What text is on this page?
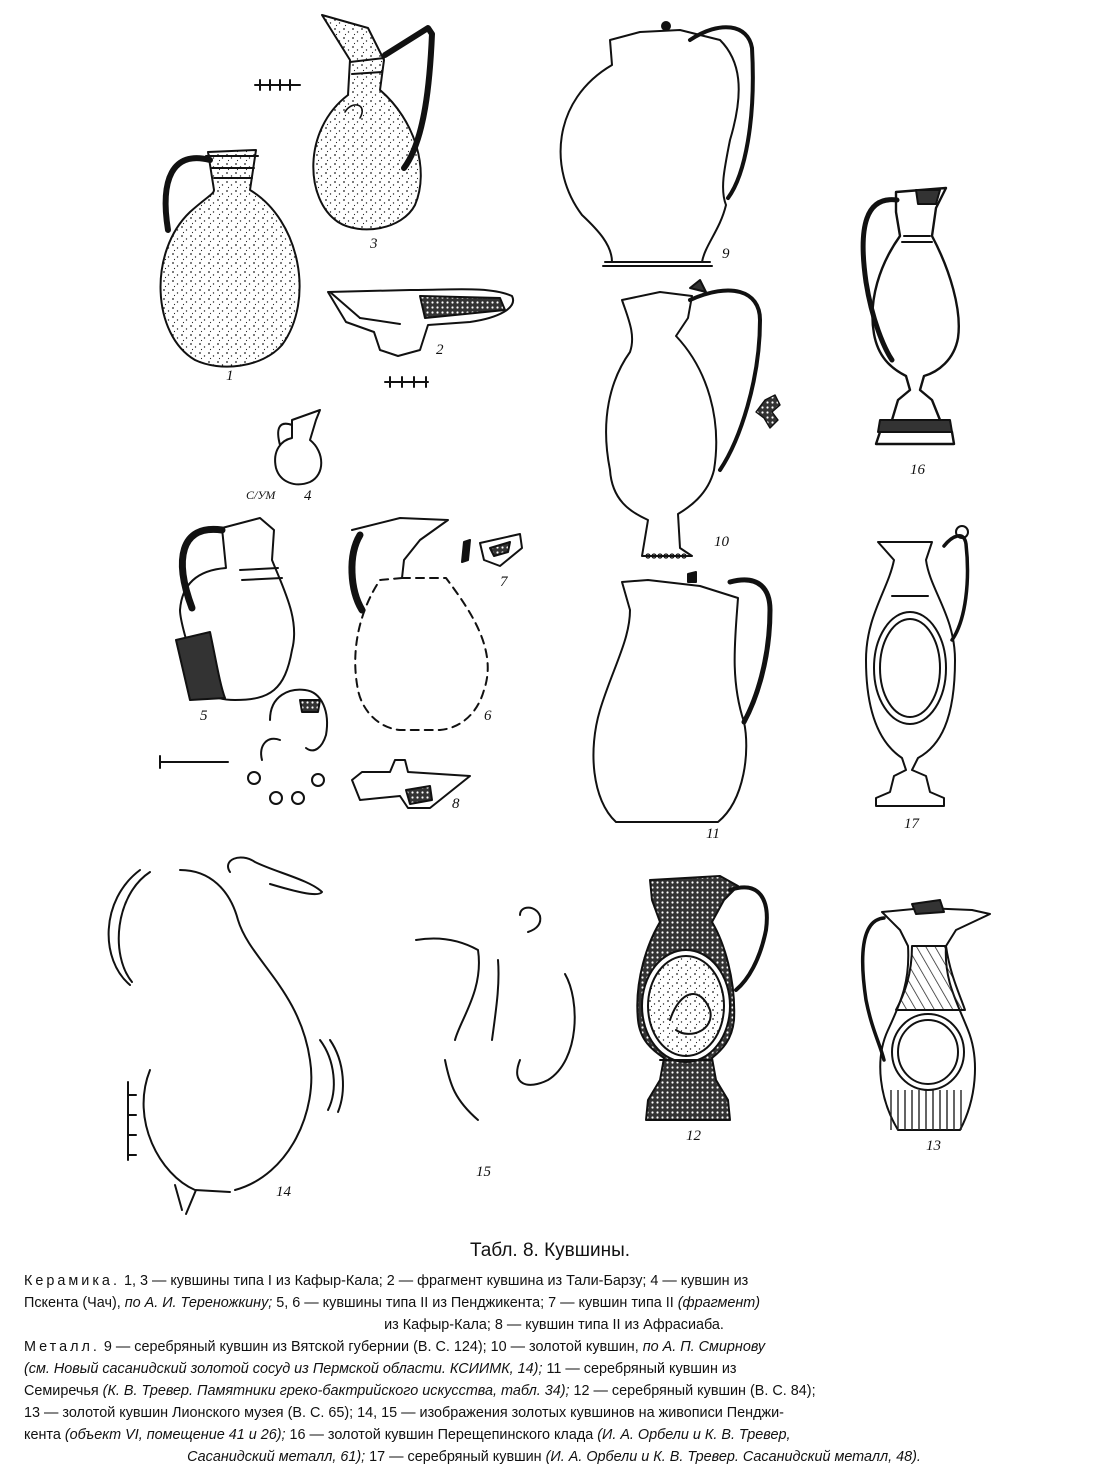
1
2
3
4
С/УМ
5	6
7
8
9
10
11
12
13
14
15
16
17
Табл. 8. Кувшины.

Керамика. 1, 3 — кувшины типа I из Кафыр-Кала; 2 — фрагмент кувшина из Тали-Барзу; 4 — кувшин из

Пскента (Чач), по А. И. Тереножкину; 5, 6 — кувшины типа II из Пенджикента; 7 — кувшин типа II (фрагмент)

из Кафыр-Кала; 8 — кувшин типа II из Афрасиаба.

Металл. 9 — серебряный кувшин из Вятской губернии (В. С. 124); 10 — золотой кувшин, по А. П. Смирнову

(см. Новый сасанидский золотой сосуд из Пермской области. КСИИМК, 14); 11 — серебряный кувшин из

Семиречья (К. В. Тревер. Памятники греко-бактрийского искусства, табл. 34); 12 — серебряный кувшин (В. С. 84);

13 — золотой кувшин Лионского музея (В. С. 65); 14, 15 — изображения золотых кувшинов на живописи Пенджи-

кента (объект VI, помещение 41 и 26); 16 — золотой кувшин Перещепинского клада (И. А. Орбели и К. В. Тревер,

Сасанидский металл, 61); 17 — серебряный кувшин (И. А. Орбели и К. В. Тревер. Сасанидский металл, 48).
